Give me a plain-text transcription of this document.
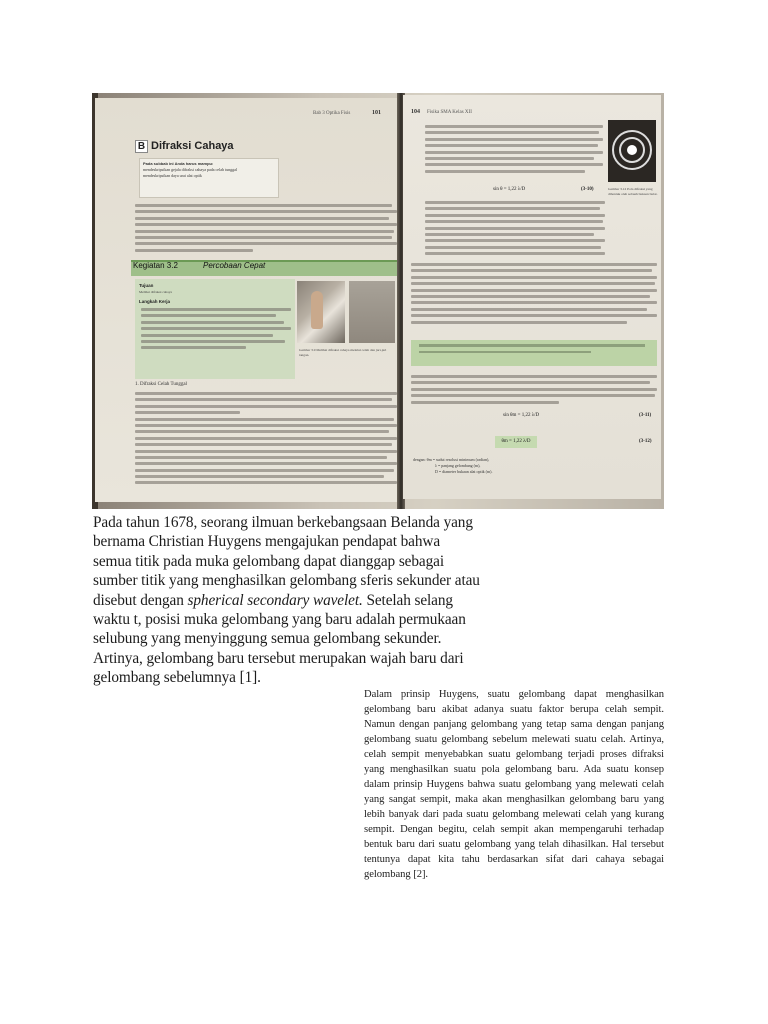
Bab 3 Optika Fisis	101
B Difraksi Cahaya
Pada subbab ini Anda harus mampu:
mendeskripsikan gejala difraksi cahaya pada celah tunggal
mendeskripsikan daya urai alat optik
Kegiatan 3.2	Percobaan Cepat
Tujuan
Melihat difraksi cahaya
Langkah Kerja
Gambar 3.9 Melihat difraksi cahaya melalui celah dan jari-jari tangan.
1. Difraksi Celah Tunggal
104 Fisika SMA Kelas XII
sin θ = 1,22 λ/D	(3-10)	Gambar 3.12 Pola difraksi yang dibentuk oleh sebuah bukaan bulat.
sin θm = 1,22 λ/D	(3-11)
θm = 1,22 λ/D	(3-12)
dengan: θm = sudut resolusi minimum (radian),
λ = panjang gelombang (m),
D = diameter bukaan alat optik (m).

Pada tahun 1678, seorang ilmuan berkebangsaan Belanda yang bernama Christian Huygens mengajukan pendapat bahwa semua titik pada muka gelombang dapat dianggap sebagai sumber titik yang menghasilkan gelombang sferis sekunder atau disebut dengan spherical secondary wavelet. Setelah selang waktu t, posisi muka gelombang yang baru adalah permukaan selubung yang menyinggung semua gelombang sekunder. Artinya, gelombang baru tersebut merupakan wajah baru dari gelombang sebelumnya [1].

Dalam prinsip Huygens, suatu gelombang dapat menghasilkan gelombang baru akibat adanya suatu faktor berupa celah sempit. Namun dengan panjang gelombang yang tetap sama dengan panjang gelombang suatu gelombang sebelum melewati suatu celah. Artinya, celah sempit menyebabkan suatu gelombang terjadi proses difraksi yang menghasilkan suatu pola gelombang baru. Ada suatu konsep dalam prinsip Huygens bahwa suatu gelombang yang melewati celah yang sangat sempit, maka akan menghasilkan gelombang baru yang lebih banyak dari pada suatu gelombang melewati celah yang kurang sempit. Dengan begitu, celah sempit akan mempengaruhi terhadap bentuk baru dari suatu gelombang yang telah dihasilkan. Hal tersebut tentunya dapat kita tahu berdasarkan sifat dari cahaya sebagai gelombang [2].
